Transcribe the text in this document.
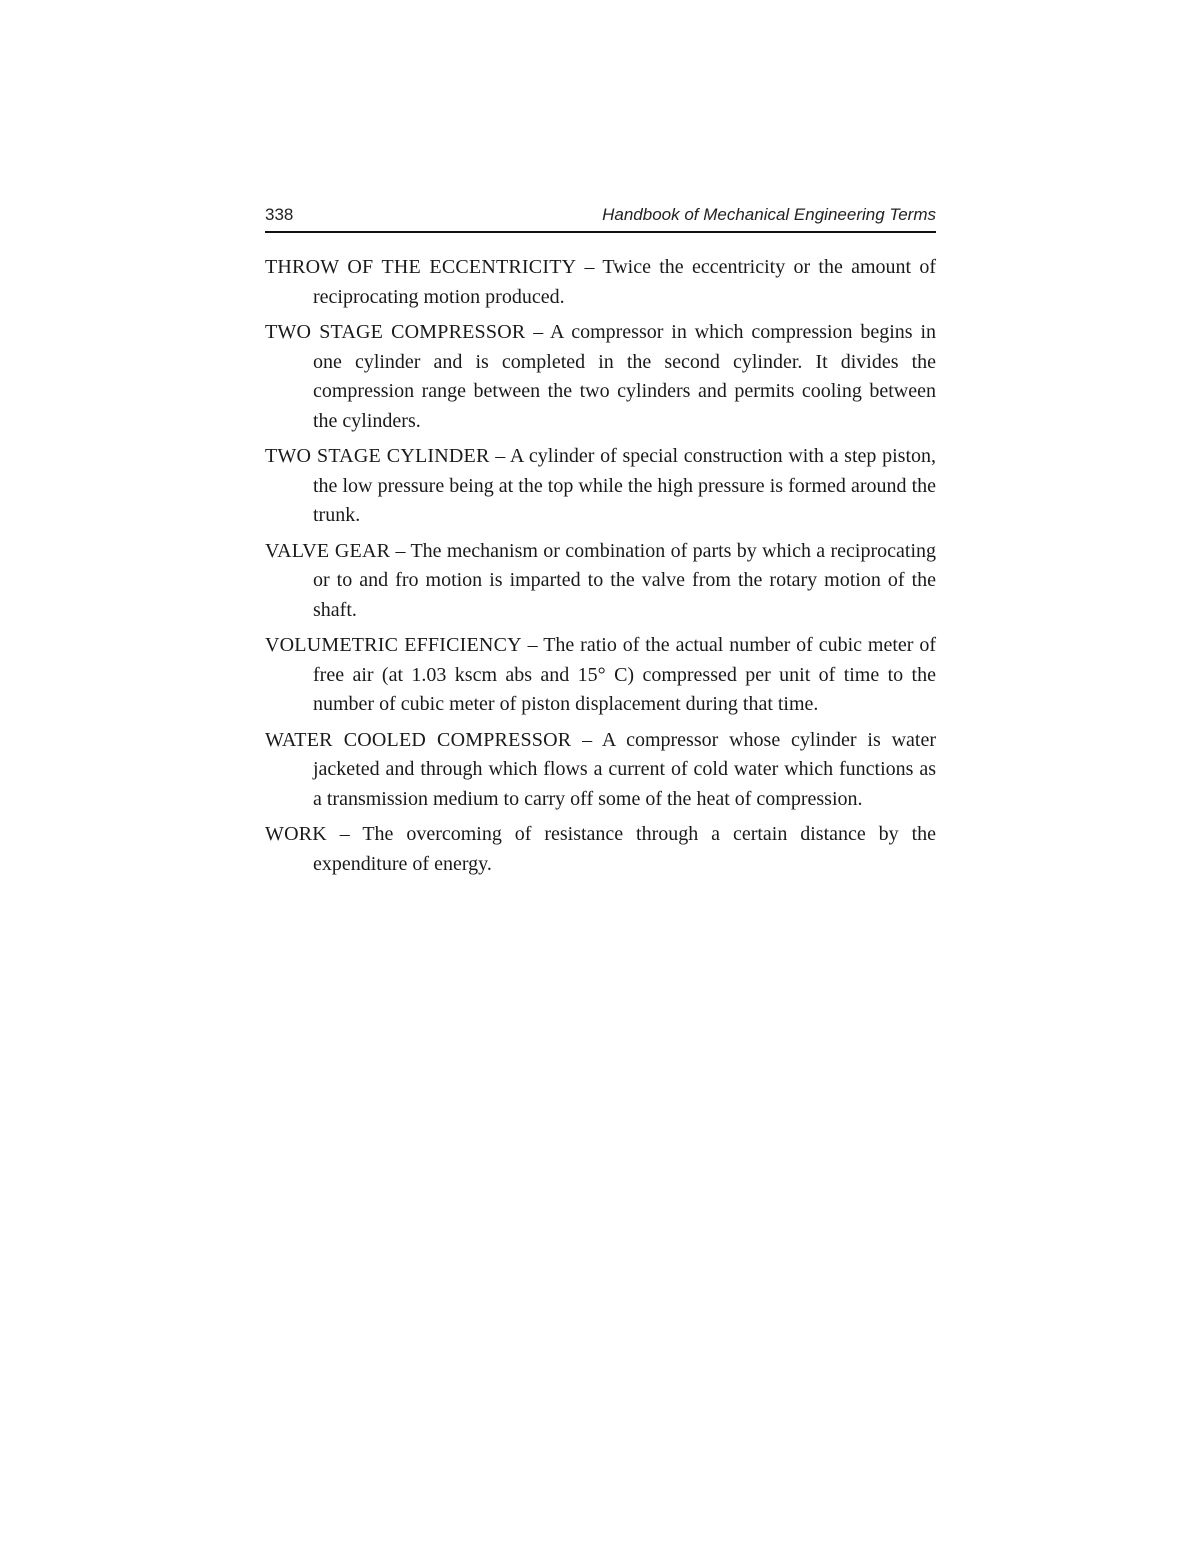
338	Handbook of Mechanical Engineering Terms

THROW OF THE ECCENTRICITY – Twice the eccentricity or the amount of reciprocating motion produced.

TWO STAGE COMPRESSOR – A compressor in which compression begins in one cylinder and is completed in the second cylinder. It divides the compression range between the two cylinders and permits cooling between the cylinders.

TWO STAGE CYLINDER – A cylinder of special construction with a step piston, the low pressure being at the top while the high pressure is formed around the trunk.

VALVE GEAR – The mechanism or combination of parts by which a reciprocating or to and fro motion is imparted to the valve from the rotary motion of the shaft.

VOLUMETRIC EFFICIENCY – The ratio of the actual number of cubic meter of free air (at 1.03 kscm abs and 15° C) compressed per unit of time to the number of cubic meter of piston displacement during that time.

WATER COOLED COMPRESSOR – A compressor whose cylinder is water jacketed and through which flows a current of cold water which functions as a transmission medium to carry off some of the heat of compression.

WORK – The overcoming of resistance through a certain distance by the expenditure of energy.
